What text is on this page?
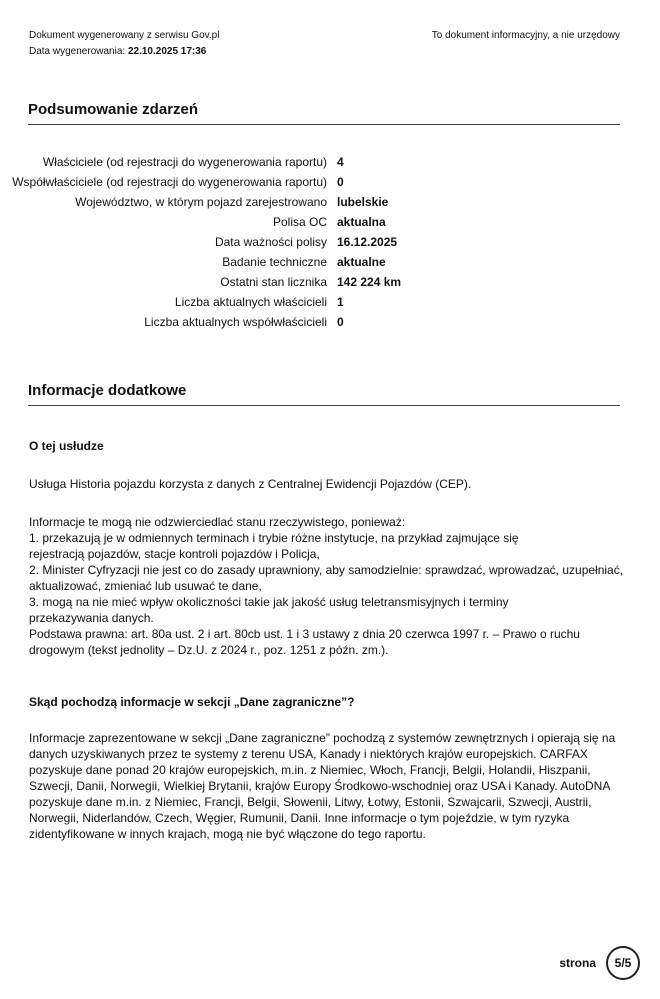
Dokument wygenerowany z serwisu Gov.pl
Data wygenerowania: 22.10.2025 17:36
To dokument informacyjny, a nie urzędowy
Podsumowanie zdarzeń
Właściciele (od rejestracji do wygenerowania raportu) 4
Współwłaściciele (od rejestracji do wygenerowania raportu) 0
Województwo, w którym pojazd zarejestrowano lubelskie
Polisa OC aktualna
Data ważności polisy 16.12.2025
Badanie techniczne aktualne
Ostatni stan licznika 142 224 km
Liczba aktualnych właścicieli 1
Liczba aktualnych współwłaścicieli 0
Informacje dodatkowe

O tej usłudze

Usługa Historia pojazdu korzysta z danych z Centralnej Ewidencji Pojazdów (CEP).

Informacje te mogą nie odzwierciedlać stanu rzeczywistego, ponieważ:

1. przekazują je w odmiennych terminach i trybie różne instytucje, na przykład zajmujące się

rejestracją pojazdów, stacje kontroli pojazdów i Policja,

2. Minister Cyfryzacji nie jest co do zasady uprawniony, aby samodzielnie: sprawdzać, wprowadzać, uzupełniać,

aktualizować, zmieniać lub usuwać te dane,

3. mogą na nie mieć wpływ okoliczności takie jak jakość usług teletransmisyjnych i terminy

przekazywania danych.

Podstawa prawna: art. 80a ust. 2 i art. 80cb ust. 1 i 3 ustawy z dnia 20 czerwca 1997 r. – Prawo o ruchu

drogowym (tekst jednolity – Dz.U. z 2024 r., poz. 1251 z późn. zm.).

Skąd pochodzą informacje w sekcji „Dane zagraniczne”?

Informacje zaprezentowane w sekcji „Dane zagraniczne” pochodzą z systemów zewnętrznych i opierają się na

danych uzyskiwanych przez te systemy z terenu USA, Kanady i niektórych krajów europejskich. CARFAX

pozyskuje dane ponad 20 krajów europejskich, m.in. z Niemiec, Włoch, Francji, Belgii, Holandii, Hiszpanii,

Szwecji, Danii, Norwegii, Wielkiej Brytanii, krajów Europy Środkowo-wschodniej oraz USA i Kanady. AutoDNA

pozyskuje dane m.in. z Niemiec, Francji, Belgii, Słowenii, Litwy, Łotwy, Estonii, Szwajcarii, Szwecji, Austrii,

Norwegii, Niderlandów, Czech, Węgier, Rumunii, Danii. Inne informacje o tym pojeździe, w tym ryzyka

zidentyfikowane w innych krajach, mogą nie być włączone do tego raportu.

strona	5/5
